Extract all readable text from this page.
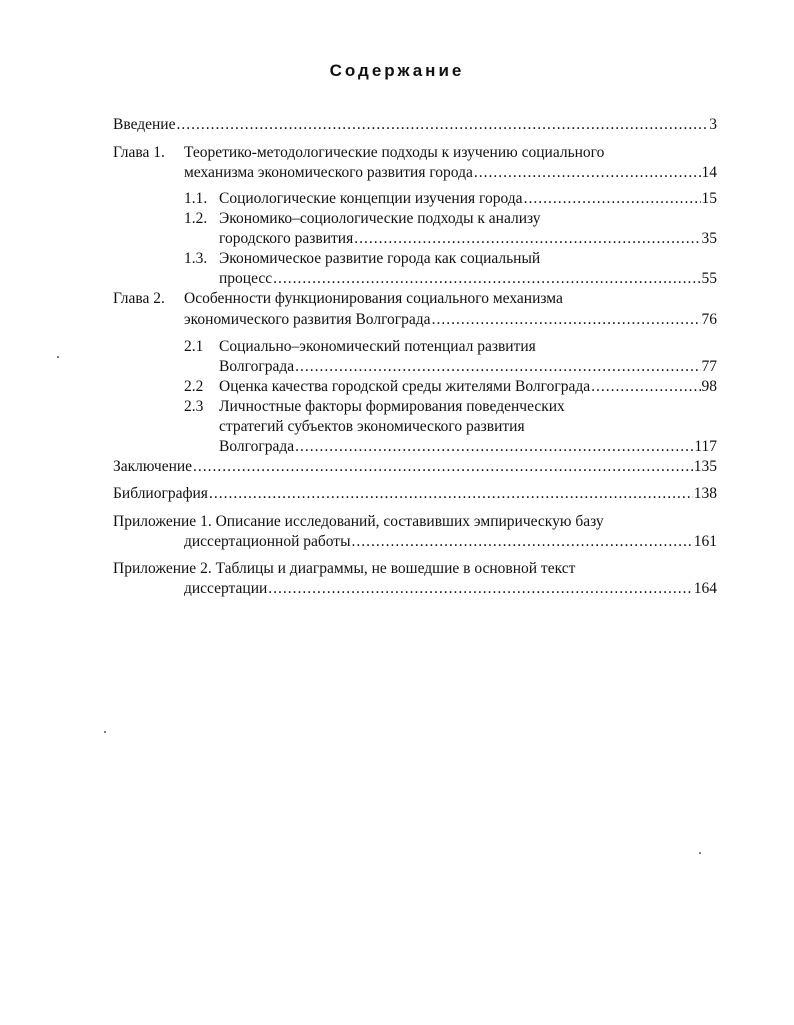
Содержание
Введение .....	3
Глава 1. Теоретико-методологические подходы к изучению социального
механизма экономического развития города .....	14
1.1. Социологические концепции изучения города .....	15
1.2. Экономико–социологические подходы к анализу
городского развития .....	35
1.3. Экономическое развитие города как социальный
процесс .....	55
Глава 2. Особенности функционирования социального механизма
экономического развития Волгограда .....	76
2.1 Социально–экономический потенциал развития
Волгограда .....	77
2.2 Оценка качества городской среды жителями Волгограда .....	98
2.3 Личностные факторы формирования поведенческих
стратегий субъектов экономического развития
Волгограда .....	117
Заключение .....	135
Библиография .....	138
Приложение 1. Описание исследований, составивших эмпирическую базу
диссертационной работы .....	161
Приложение 2. Таблицы и диаграммы, не вошедшие в основной текст
диссертации .....	164
